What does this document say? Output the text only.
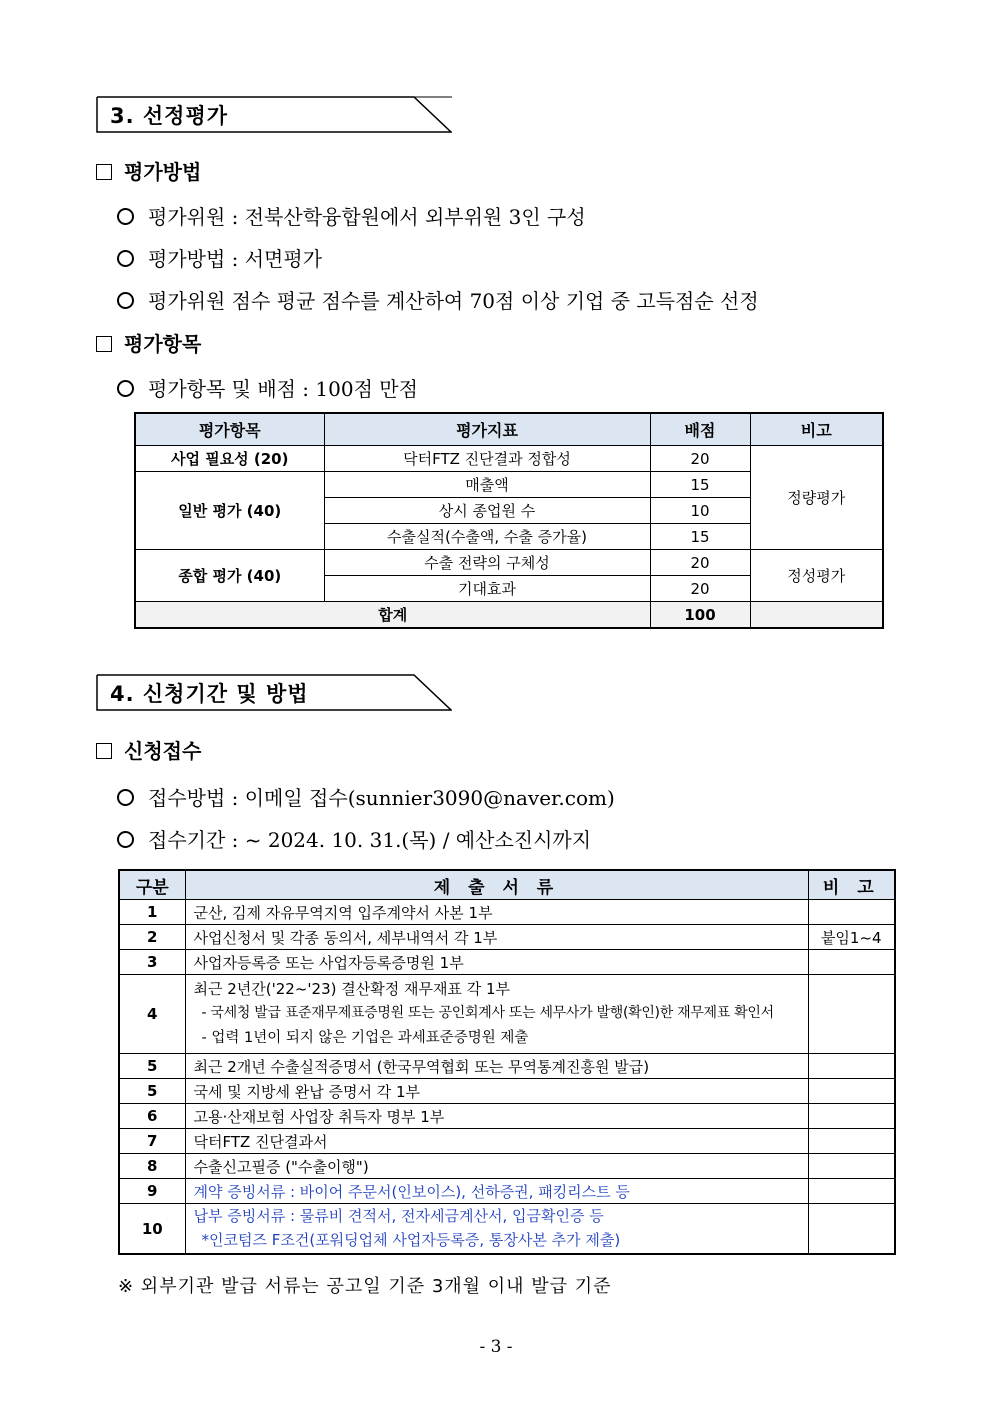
3. 선정평가
평가방법
평가위원 : 전북산학융합원에서 외부위원 3인 구성
평가방법 : 서면평가
평가위원 점수 평균 점수를 계산하여 70점 이상 기업 중 고득점순 선정
평가항목
평가항목 및 배점 : 100점 만점
평가항목	평가지표	배점	비고
사업 필요성 (20)	닥터FTZ 진단결과 정합성	20	정량평가
일반 평가 (40)	매출액	15	
	상시 종업원 수	10	
	수출실적(수출액, 수출 증가율)	15	
종합 평가 (40)	수출 전략의 구체성	20	정성평가
	기대효과	20	
합계		100	
4. 신청기간 및 방법
신청접수
접수방법 : 이메일 접수(sunnier3090@naver.com)
접수기간 : ~ 2024. 10. 31.(목) / 예산소진시까지
구분	제 출 서 류	비 고
1	군산, 김제 자유무역지역 입주계약서 사본 1부	
2	사업신청서 및 각종 동의서, 세부내역서 각 1부	붙임1~4
3	사업자등록증 또는 사업자등록증명원 1부	
4	최근 2년간('22~'23) 결산확정 재무재표 각 1부
- 국세청 발급 표준재무제표증명원 또는 공인회계사 또는 세무사가 발행(확인)한 재무제표 확인서
- 업력 1년이 되지 않은 기업은 과세표준증명원 제출	

5	최근 2개년 수출실적증명서 (한국무역협회 또는 무역통계진흥원 발급)	
5	국세 및 지방세 완납 증명서 각 1부	
6	고용·산재보험 사업장 취득자 명부 1부	
7	닥터FTZ 진단결과서	
8	수출신고필증 ("수출이행")	
9	계약 증빙서류 : 바이어 주문서(인보이스), 선하증권, 패킹리스트 등	
10	납부 증빙서류 : 물류비 견적서, 전자세금계산서, 입금확인증 등
*인코텀즈 F조건(포워딩업체 사업자등록증, 통장사본 추가 제출)	

※ 외부기관 발급 서류는 공고일 기준 3개월 이내 발급 기준
- 3 -
